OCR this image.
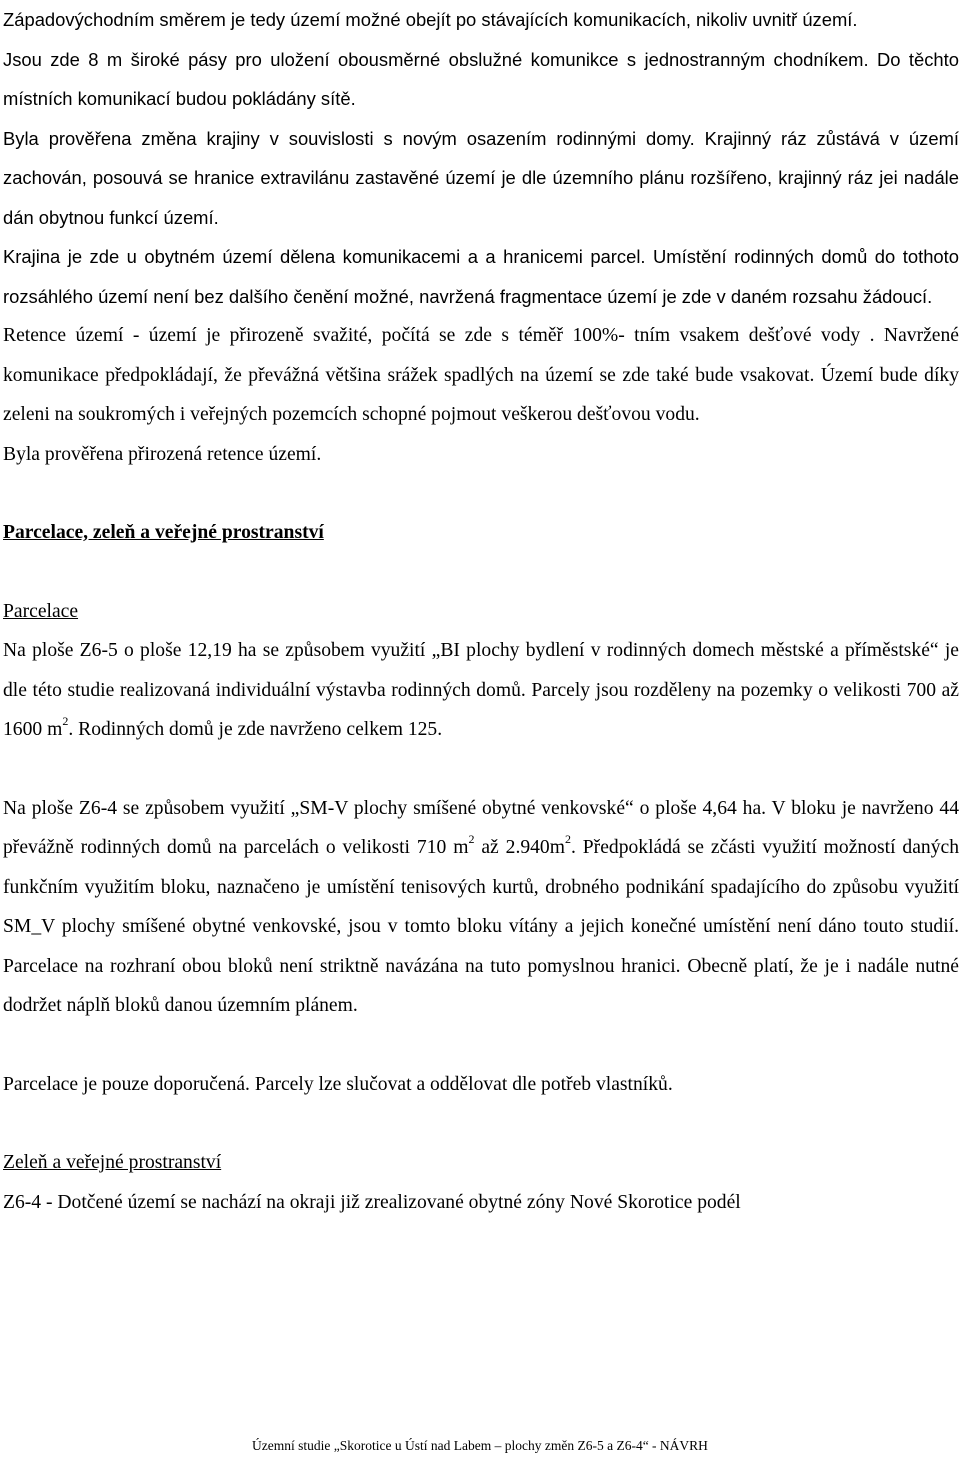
Západovýchodním směrem je tedy území možné obejít po stávajících komunikacích, nikoliv uvnitř území.

Jsou zde 8 m široké pásy pro uložení obousměrné obslužné komunikce s jednostranným chodníkem. Do těchto místních komunikací budou pokládány sítě.

Byla prověřena změna krajiny v souvislosti s novým osazením rodinnými domy. Krajinný ráz zůstává v území zachován, posouvá se hranice extravilánu zastavěné území je dle územního plánu rozšířeno, krajinný ráz jei nadále dán obytnou funkcí území.

Krajina je zde u obytném území dělena komunikacemi a a hranicemi parcel. Umístění rodinných domů do tothoto rozsáhlého území není bez dalšího čenění možné, navržená fragmentace území je zde v daném rozsahu žádoucí.

Retence území - území je přirozeně svažité, počítá se zde s téměř 100%- tním vsakem dešťové vody . Navržené komunikace předpokládají, že převážná většina srážek spadlých na území se zde také bude vsakovat. Území bude díky zeleni na soukromých i veřejných pozemcích schopné pojmout veškerou dešťovou vodu.

Byla prověřena přirozená retence území.

Parcelace, zeleň a veřejné prostranství
Parcelace

Na ploše Z6-5 o ploše 12,19 ha se způsobem využití „BI plochy bydlení v rodinných domech městské a příměstské“ je dle této studie realizovaná individuální výstavba rodinných domů. Parcely jsou rozděleny na pozemky o velikosti 700 až 1600 $m^2$. Rodinných domů je zde navrženo celkem 125.

Na ploše Z6-4 se způsobem využití „SM-V plochy smíšené obytné venkovské“ o ploše 4,64 ha. V bloku je navrženo 44 převážně rodinných domů na parcelách o velikosti 710 $m^2$ až $2.940m^2$. Předpokládá se zčásti využití možností daných funkčním využitím bloku, naznačeno je umístění tenisových kurtů, drobného podnikání spadajícího do způsobu využití SM_V plochy smíšené obytné venkovské, jsou v tomto bloku vítány a jejich konečné umístění není dáno touto studií. Parcelace na rozhraní obou bloků není striktně navázána na tuto pomyslnou hranici. Obecně platí, že je i nadále nutné dodržet náplň bloků danou územním plánem.

Parcelace je pouze doporučená. Parcely lze slučovat a oddělovat dle potřeb vlastníků.

Zeleň a veřejné prostranství

Z6-4 - Dotčené území se nachází na okraji již zrealizované obytné zóny Nové Skorotice podél

Územní studie „Skorotice u Ústí nad Labem – plochy změn Z6-5 a Z6-4“ - NÁVRH
